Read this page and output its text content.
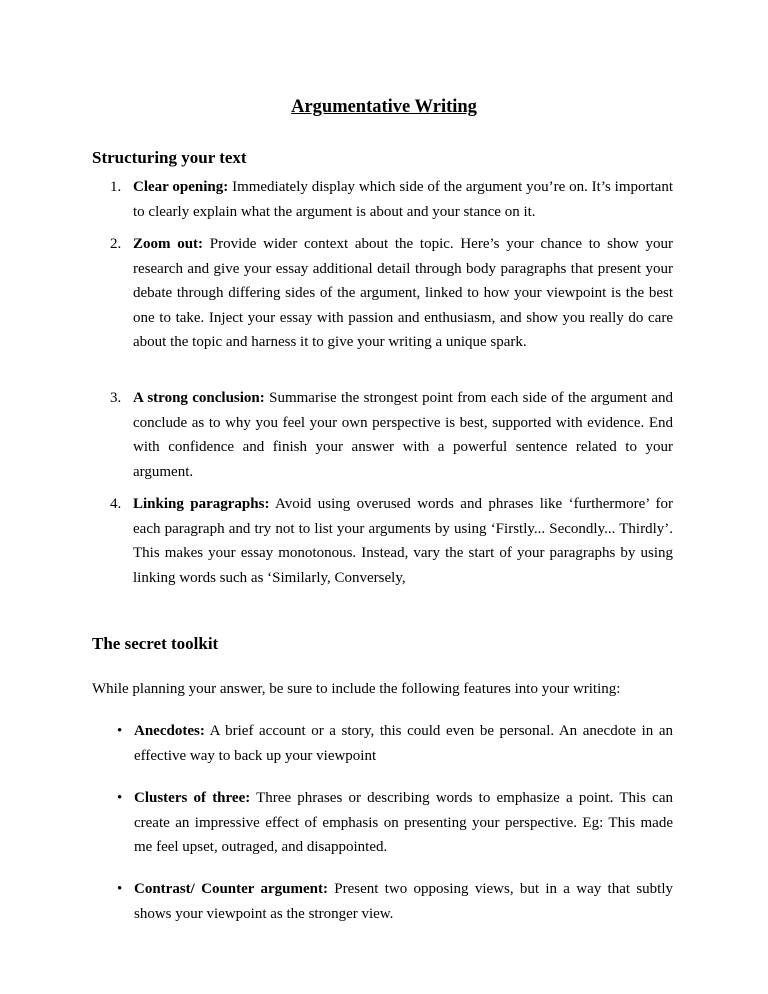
Argumentative Writing
Structuring your text
1. Clear opening: Immediately display which side of the argument you’re on. It’s important to clearly explain what the argument is about and your stance on it.
2. Zoom out: Provide wider context about the topic. Here’s your chance to show your research and give your essay additional detail through body paragraphs that present your debate through differing sides of the argument, linked to how your viewpoint is the best one to take. Inject your essay with passion and enthusiasm, and show you really do care about the topic and harness it to give your writing a unique spark.
3. A strong conclusion: Summarise the strongest point from each side of the argument and conclude as to why you feel your own perspective is best, supported with evidence. End with confidence and finish your answer with a powerful sentence related to your argument.
4. Linking paragraphs: Avoid using overused words and phrases like ‘furthermore’ for each paragraph and try not to list your arguments by using ‘Firstly... Secondly... Thirdly’. This makes your essay monotonous. Instead, vary the start of your paragraphs by using linking words such as ‘Similarly, Conversely,
The secret toolkit
While planning your answer, be sure to include the following features into your writing:
• Anecdotes: A brief account or a story, this could even be personal. An anecdote in an effective way to back up your viewpoint
• Clusters of three: Three phrases or describing words to emphasize a point. This can create an impressive effect of emphasis on presenting your perspective. Eg: This made me feel upset, outraged, and disappointed.
• Contrast/ Counter argument: Present two opposing views, but in a way that subtly shows your viewpoint as the stronger view.
